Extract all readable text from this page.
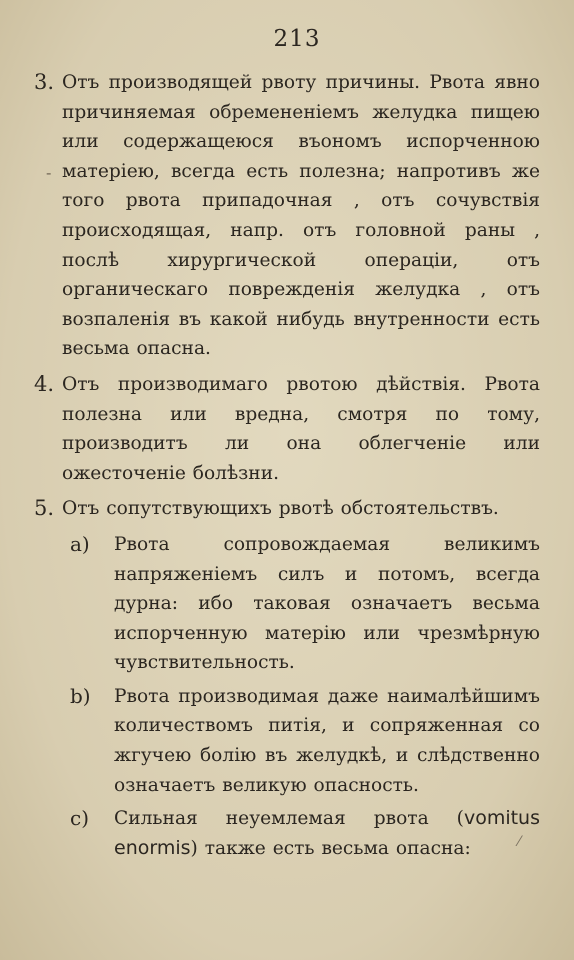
213
3. Отъ производящей рвоту причины. Рвота явно причиняемая обремененіемъ желудка пищею или содержащеюся въономъ испорченною матеріею, всегда есть полезна; напротивъ же того рвота припадочная , отъ сочувствія происходящая, напр. отъ головной раны , послѣ хирургической операціи, отъ органическаго поврежденія желудка , отъ возпаленія въ какой нибудь внутренности есть весьма опасна.
4. Отъ производимаго рвотою дѣйствія. Рвота полезна или вредна, смотря по тому, производитъ ли она облегченіе или ожесточеніе болѣзни.
5. Отъ сопутствующихъ рвотѣ обстоятельствъ.
a) Рвота сопровождаемая великимъ напряженіемъ силъ и потомъ, всегда дурна: ибо таковая означаетъ весьма испорченную матерію или чрезмѣрную чувствительность.
b) Рвота производимая даже наималѣйшимъ количествомъ питія, и сопряженная со жгучею болію въ желудкѣ, и слѣдственно означаетъ великую опасность.
c) Сильная неуемлемая рвота (vomitus enormis) также есть весьма опасна:
-
⁄
